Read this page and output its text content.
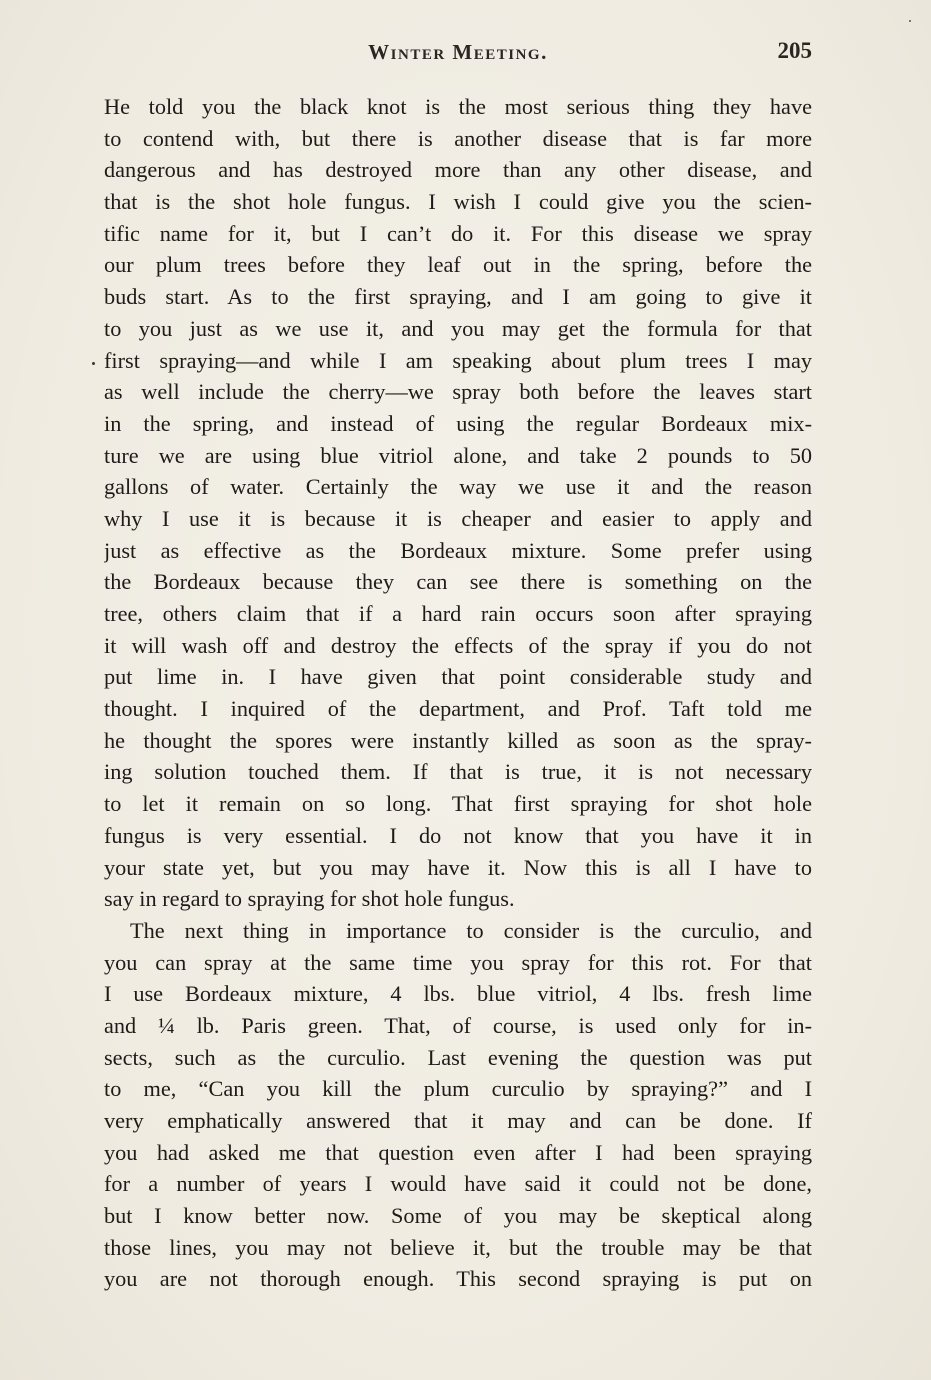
Winter Meeting.	205
He told you the black knot is the most serious thing they have
to contend with, but there is another disease that is far more
dangerous and has destroyed more than any other disease, and
that is the shot hole fungus. I wish I could give you the scien-
tific name for it, but I can’t do it. For this disease we spray
our plum trees before they leaf out in the spring, before the
buds start. As to the first spraying, and I am going to give it
to you just as we use it, and you may get the formula for that
first spraying—and while I am speaking about plum trees I may
as well include the cherry—we spray both before the leaves start
in the spring, and instead of using the regular Bordeaux mix-
ture we are using blue vitriol alone, and take 2 pounds to 50
gallons of water. Certainly the way we use it and the reason
why I use it is because it is cheaper and easier to apply and
just as effective as the Bordeaux mixture. Some prefer using
the Bordeaux because they can see there is something on the
tree, others claim that if a hard rain occurs soon after spraying
it will wash off and destroy the effects of the spray if you do not
put lime in. I have given that point considerable study and
thought. I inquired of the department, and Prof. Taft told me
he thought the spores were instantly killed as soon as the spray-
ing solution touched them. If that is true, it is not necessary
to let it remain on so long. That first spraying for shot hole
fungus is very essential. I do not know that you have it in
your state yet, but you may have it. Now this is all I have to
say in regard to spraying for shot hole fungus.
The next thing in importance to consider is the curculio, and
you can spray at the same time you spray for this rot. For that
I use Bordeaux mixture, 4 lbs. blue vitriol, 4 lbs. fresh lime
and ¼ lb. Paris green. That, of course, is used only for in-
sects, such as the curculio. Last evening the question was put
to me, “Can you kill the plum curculio by spraying?” and I
very emphatically answered that it may and can be done. If
you had asked me that question even after I had been spraying
for a number of years I would have said it could not be done,
but I know better now. Some of you may be skeptical along
those lines, you may not believe it, but the trouble may be that
you are not thorough enough. This second spraying is put on
